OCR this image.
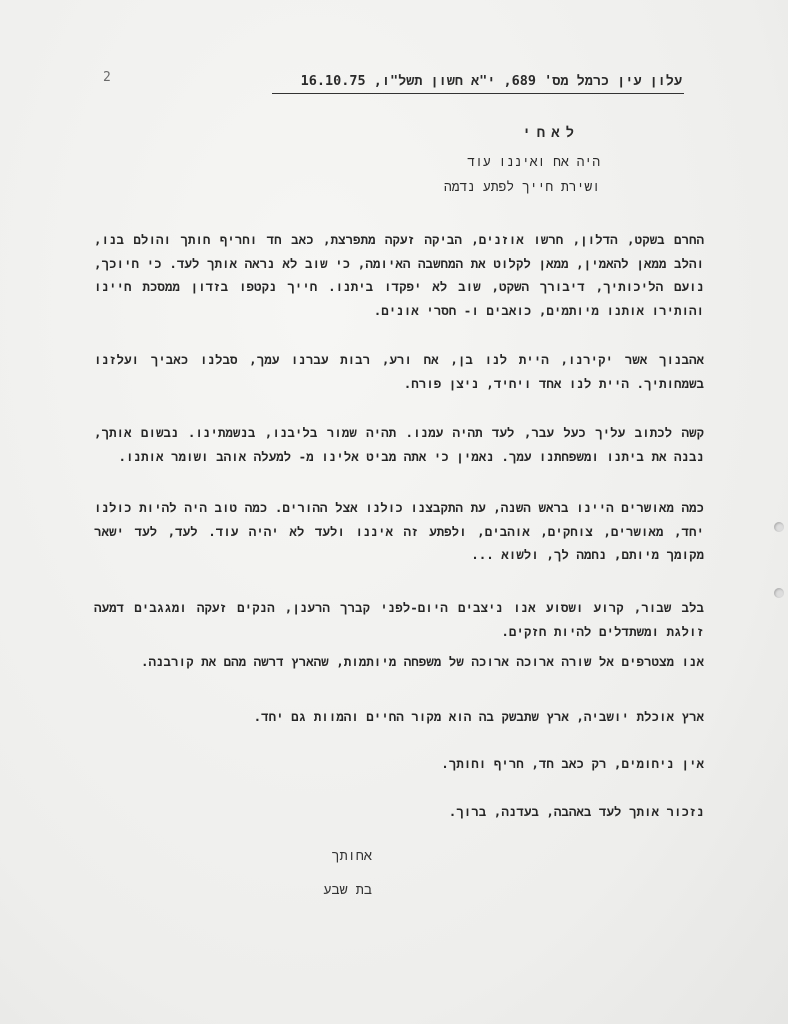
2	עלון עין כרמל מס' 689, י"א חשון תשל"ו, 16.10.75
לאחי
היה אח ואיננו עוד
ושירת חייך לפתע נדמה
החרם בשקט, הדלון, חרשו אוזנים, הביקה זעקה מתפרצת, כאב חד וחריף חותך והולם בנו, והלב ממאן להאמין, ממאן לקלוט את המחשבה האיומה, כי שוב לא נראה אותך לעד. כי חיוכך, נועם הליכותיך, דיבורך השקט, שוב לא יפקדו ביתנו. חייך נקטפו בזדון ממסכת חיינו והותירו אותנו מיותמים, כואבים ו- חסרי אונים.
אהבנוך אשר יקירנו, היית לנו בן, אח ורע, רבות עברנו עמך, סבלנו כאביך ועלזנו בשמחותיך. היית לנו אחד ויחיד, ניצן פורח.
קשה לכתוב עליך כעל עבר, לעד תהיה עמנו. תהיה שמור בליבנו, בנשמתינו. נבשום אותך, נבנה את ביתנו ומשפחתנו עמך. נאמין כי אתה מביט אלינו מ- למעלה אוהב ושומר אותנו.
כמה מאושרים היינו בראש השנה, עת התקבצנו כולנו אצל ההורים. כמה טוב היה להיות כולנו יחד, מאושרים, צוחקים, אוהבים, ולפתע זה איננו ולעד לא יהיה עוד. לעד, לעד ישאר מקומך מיותם, נחמה לך, ולשוא ...
בלב שבור, קרוע ושסוע אנו ניצבים היום-לפני קברך הרענן, הנקים זעקה ומגגבים דמעה זולגת ומשתדלים להיות חזקים.
אנו מצטרפים אל שורה ארוכה ארוכה של משפחה מיותמות, שהארץ דרשה מהם את קורבנה.
ארץ אוכלת יושביה, ארץ שתבשק בה הוא מקור החיים והמוות גם יחד.
אין ניחומים, רק כאב חד, חריף וחותך.
נזכור אותך לעד באהבה, בעדנה, ברוך.
אחותך
בת שבע
